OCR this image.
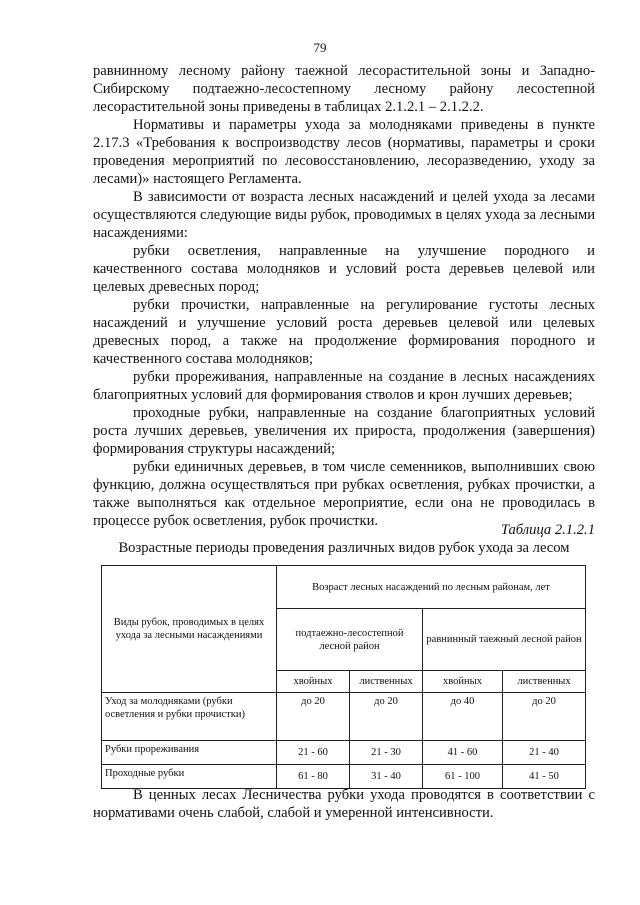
79

равнинному лесному району таежной лесорастительной зоны и Западно-Сибирскому подтаежно-лесостепному лесному району лесостепной лесорастительной зоны приведены в таблицах 2.1.2.1 – 2.1.2.2.

Нормативы и параметры ухода за молодняками приведены в пункте 2.17.3 «Требования к воспроизводству лесов (нормативы, параметры и сроки проведения мероприятий по лесовосстановлению, лесоразведению, уходу за лесами)» настоящего Регламента.

В зависимости от возраста лесных насаждений и целей ухода за лесами осуществляются следующие виды рубок, проводимых в целях ухода за лесными насаждениями:

рубки осветления, направленные на улучшение породного и качественного состава молодняков и условий роста деревьев целевой или целевых древесных пород;

рубки прочистки, направленные на регулирование густоты лесных насаждений и улучшение условий роста деревьев целевой или целевых древесных пород, а также на продолжение формирования породного и качественного состава молодняков;

рубки прореживания, направленные на создание в лесных насаждениях благоприятных условий для формирования стволов и крон лучших деревьев;

проходные рубки, направленные на создание благоприятных условий роста лучших деревьев, увеличения их прироста, продолжения (завершения) формирования структуры насаждений;

рубки единичных деревьев, в том числе семенников, выполнивших свою функцию, должна осуществляться при рубках осветления, рубках прочистки, а также выполняться как отдельное мероприятие, если она не проводилась в процессе рубок осветления, рубок прочистки.

Таблица 2.1.2.1
Возрастные периоды проведения различных видов рубок ухода за лесом
Виды рубок, проводимых в целях ухода за лесными насаждениями	Возраст лесных насаждений по лесным районам, лет			
	подтаежно-лесостепной лесной район		равнинный таежный лесной район	
	хвойных	лиственных	хвойных	лиственных
Уход за молодняками (рубки осветления и рубки прочистки)	до 20	до 20	до 40	до 20
Рубки прореживания	21 - 60	21 - 30	41 - 60	21 - 40
Проходные рубки	61 - 80	31 - 40	61 - 100	41 - 50

В ценных лесах Лесничества рубки ухода проводятся в соответствии с нормативами очень слабой, слабой и умеренной интенсивности.
